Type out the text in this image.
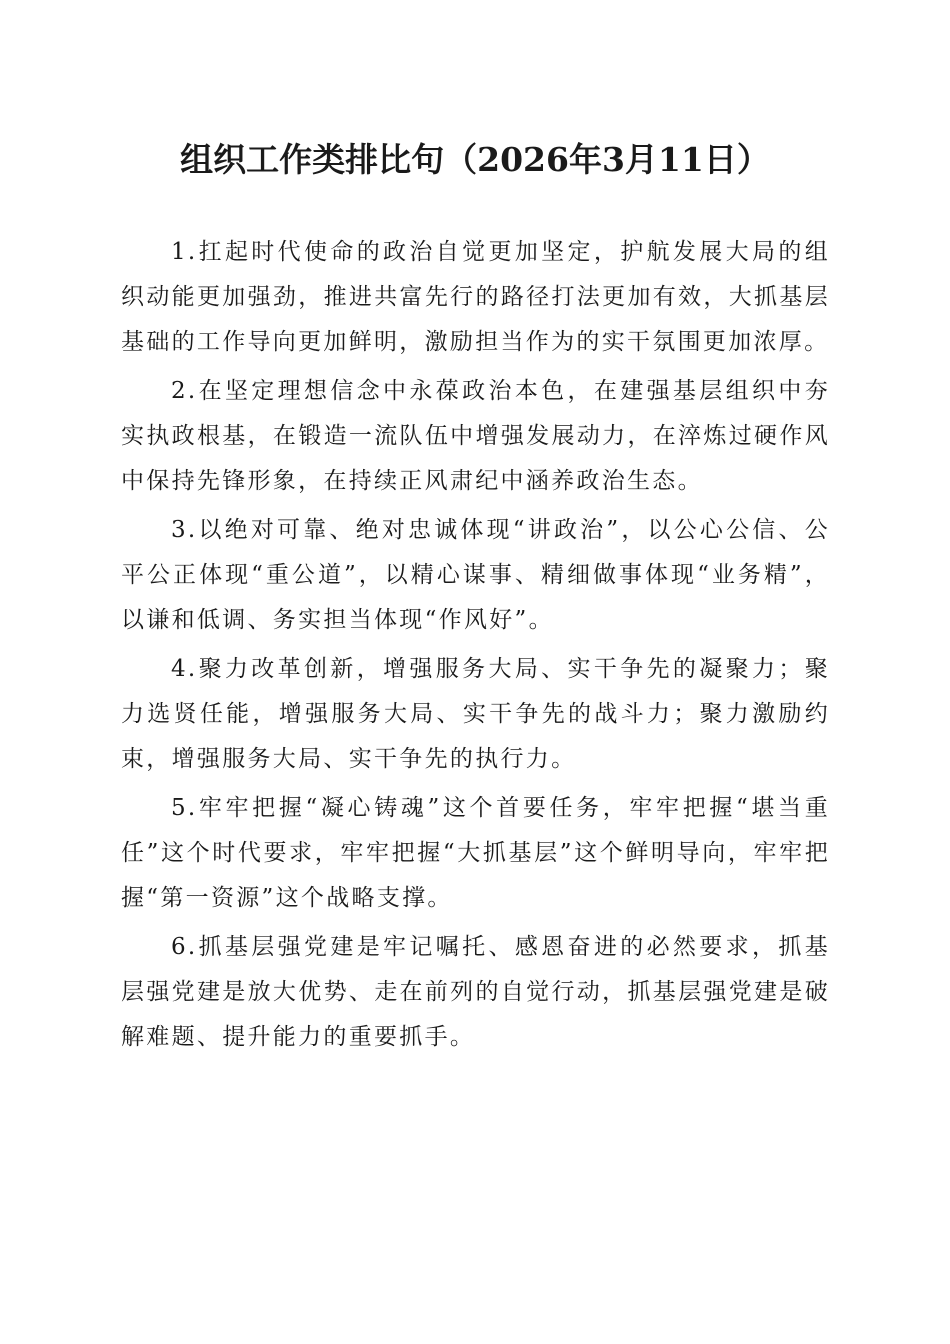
组织工作类排比句（2026年3月11日）

1.扛起时代使命的政治自觉更加坚定，护航发展大局的组织动能更加强劲，推进共富先行的路径打法更加有效，大抓基层基础的工作导向更加鲜明，激励担当作为的实干氛围更加浓厚。

2.在坚定理想信念中永葆政治本色，在建强基层组织中夯实执政根基，在锻造一流队伍中增强发展动力，在淬炼过硬作风中保持先锋形象，在持续正风肃纪中涵养政治生态。

3.以绝对可靠、绝对忠诚体现“讲政治”，以公心公信、公平公正体现“重公道”，以精心谋事、精细做事体现“业务精”，以谦和低调、务实担当体现“作风好”。

4.聚力改革创新，增强服务大局、实干争先的凝聚力；聚力选贤任能，增强服务大局、实干争先的战斗力；聚力激励约束，增强服务大局、实干争先的执行力。

5.牢牢把握“凝心铸魂”这个首要任务，牢牢把握“堪当重任”这个时代要求，牢牢把握“大抓基层”这个鲜明导向，牢牢把握“第一资源”这个战略支撑。

6.抓基层强党建是牢记嘱托、感恩奋进的必然要求，抓基层强党建是放大优势、走在前列的自觉行动，抓基层强党建是破解难题、提升能力的重要抓手。
